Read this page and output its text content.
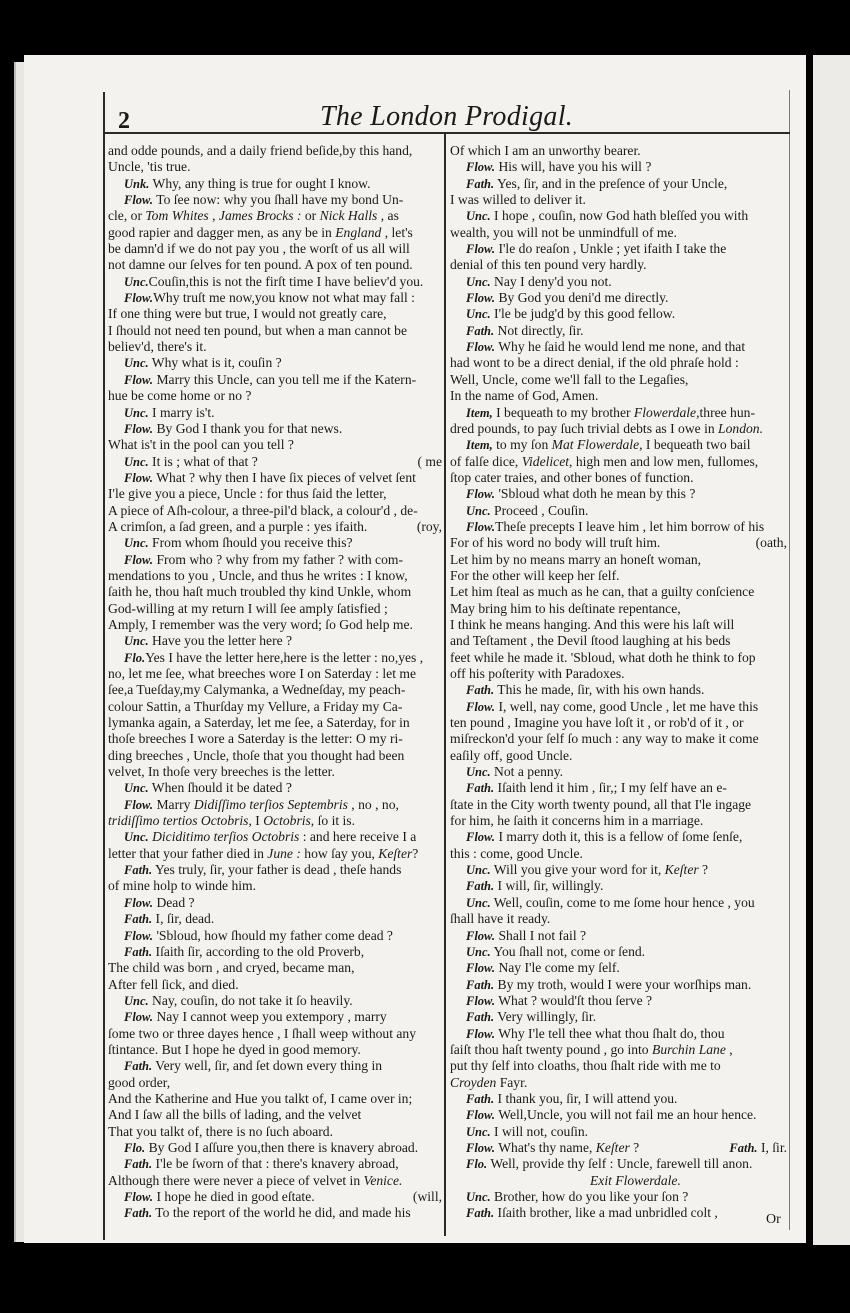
2	The London Prodigal.
and odde pounds, and a daily friend beſide,by this hand,
Uncle, 'tis true.
Unk. Why, any thing is true for ought I know.
Flow. To ſee now: why you ſhall have my bond Un-
cle, or Tom Whites , James Brocks : or Nick Halls , as
good rapier and dagger men, as any be in England , let's
be damn'd if we do not pay you , the worſt of us all will
not damne our ſelves for ten pound. A pox of ten pound.
Unc.Couſin,this is not the firſt time I have believ'd you.
Flow.Why truſt me now,you know not what may fall :
If one thing were but true, I would not greatly care,
I ſhould not need ten pound, but when a man cannot be
believ'd, there's it.
Unc. Why what is it, couſin ?
Flow. Marry this Uncle, can you tell me if the Katern-
hue be come home or no ?
Unc. I marry is't.
Flow. By God I thank you for that news.
What is't in the pool can you tell ?
( me
Unc. It is ; what of that ?
Flow. What ? why then I have ſix pieces of velvet ſent
I'le give you a piece, Uncle : for thus ſaid the letter,
A piece of Aſh-colour, a three-pil'd black, a colour'd , de-
(roy,
A crimſon, a ſad green, and a purple : yes ifaith.
Unc. From whom ſhould you receive this?
Flow. From who ? why from my father ? with com-
mendations to you , Uncle, and thus he writes : I know,
ſaith he, thou haſt much troubled thy kind Unkle, whom
God-willing at my return I will ſee amply ſatisfied ;
Amply, I remember was the very word; ſo God help me.
Unc. Have you the letter here ?
Flo.Yes I have the letter here,here is the letter : no,yes ,
no, let me ſee, what breeches wore I on Saterday : let me
ſee,a Tueſday,my Calymanka, a Wedneſday, my peach-
colour Sattin, a Thurſday my Vellure, a Friday my Ca-
lymanka again, a Saterday, let me ſee, a Saterday, for in
thoſe breeches I wore a Saterday is the letter: O my ri-
ding breeches , Uncle, thoſe that you thought had been
velvet, In thoſe very breeches is the letter.
Unc. When ſhould it be dated ?
Flow. Marry Didiſſimo terſios Septembris , no , no,
tridiſſimo tertios Octobris, I Octobris, ſo it is.
Unc. Diciditimo terſios Octobris : and here receive I a
letter that your father died in June : how ſay you, Keſter?
Fath. Yes truly, ſir, your father is dead , theſe hands
of mine holp to winde him.
Flow. Dead ?
Fath. I, ſir, dead.
Flow. 'Sbloud, how ſhould my father come dead ?
Fath. Iſaith ſir, according to the old Proverb,
The child was born , and cryed, became man,
After fell ſick, and died.
Unc. Nay, couſin, do not take it ſo heavily.
Flow. Nay I cannot weep you extempory , marry
ſome two or three dayes hence , I ſhall weep without any
ſtintance. But I hope he dyed in good memory.
Fath. Very well, ſir, and ſet down every thing in
good order,
And the Katherine and Hue you talkt of, I came over in;
And I ſaw all the bills of lading, and the velvet
That you talkt of, there is no ſuch aboard.
Flo. By God I aſſure you,then there is knavery abroad.
Fath. I'le be ſworn of that : there's knavery abroad,
Although there were never a piece of velvet in Venice.
(will,
Flow. I hope he died in good eſtate.
Fath. To the report of the world he did, and made his
Of which I am an unworthy bearer.
Flow. His will, have you his will ?
Fath. Yes, ſir, and in the preſence of your Uncle,
I was willed to deliver it.
Unc. I hope , couſin, now God hath bleſſed you with
wealth, you will not be unmindfull of me.
Flow. I'le do reaſon , Unkle ; yet ifaith I take the
denial of this ten pound very hardly.
Unc. Nay I deny'd you not.
Flow. By God you deni'd me directly.
Unc. I'le be judg'd by this good fellow.
Fath. Not directly, ſir.
Flow. Why he ſaid he would lend me none, and that
had wont to be a direct denial, if the old phraſe hold :
Well, Uncle, come we'll fall to the Legaſies,
In the name of God, Amen.
Item, I bequeath to my brother Flowerdale,three hun-
dred pounds, to pay ſuch trivial debts as I owe in London.
Item, to my ſon Mat Flowerdale, I bequeath two bail
of falſe dice, Videlicet, high men and low men, fullomes,
ſtop cater traies, and other bones of function.
Flow. 'Sbloud what doth he mean by this ?
Unc. Proceed , Couſin.
Flow.Theſe precepts I leave him , let him borrow of his
(oath,
For of his word no body will truſt him.
Let him by no means marry an honeſt woman,
For the other will keep her ſelf.
Let him ſteal as much as he can, that a guilty conſcience
May bring him to his deſtinate repentance,
I think he means hanging. And this were his laſt will
and Teſtament , the Devil ſtood laughing at his beds
feet while he made it. 'Sbloud, what doth he think to fop
off his poſterity with Paradoxes.
Fath. This he made, ſir, with his own hands.
Flow. I, well, nay come, good Uncle , let me have this
ten pound , Imagine you have loſt it , or rob'd of it , or
miſreckon'd your ſelf ſo much : any way to make it come
eaſily off, good Uncle.
Unc. Not a penny.
Fath. Iſaith lend it him , ſir,; I my ſelf have an e-
ſtate in the City worth twenty pound, all that I'le ingage
for him, he ſaith it concerns him in a marriage.
Flow. I marry doth it, this is a fellow of ſome ſenſe,
this : come, good Uncle.
Unc. Will you give your word for it, Keſter ?
Fath. I will, ſir, willingly.
Unc. Well, couſin, come to me ſome hour hence , you
ſhall have it ready.
Flow. Shall I not fail ?
Unc. You ſhall not, come or ſend.
Flow. Nay I'le come my ſelf.
Fath. By my troth, would I were your worſhips man.
Flow. What ? would'ſt thou ſerve ?
Fath. Very willingly, ſir.
Flow. Why I'le tell thee what thou ſhalt do, thou
ſaiſt thou haſt twenty pound , go into Burchin Lane ,
put thy ſelf into cloaths, thou ſhalt ride with me to
Croyden Fayr.
Fath. I thank you, ſir, I will attend you.
Flow. Well,Uncle, you will not fail me an hour hence.
Unc. I will not, couſin.
Fath. I, ſir.
Flow. What's thy name, Keſter ?
Flo. Well, provide thy ſelf : Uncle, farewell till anon.
Exit Flowerdale.
Unc. Brother, how do you like your ſon ?
Fath. Iſaith brother, like a mad unbridled colt ,	Or
